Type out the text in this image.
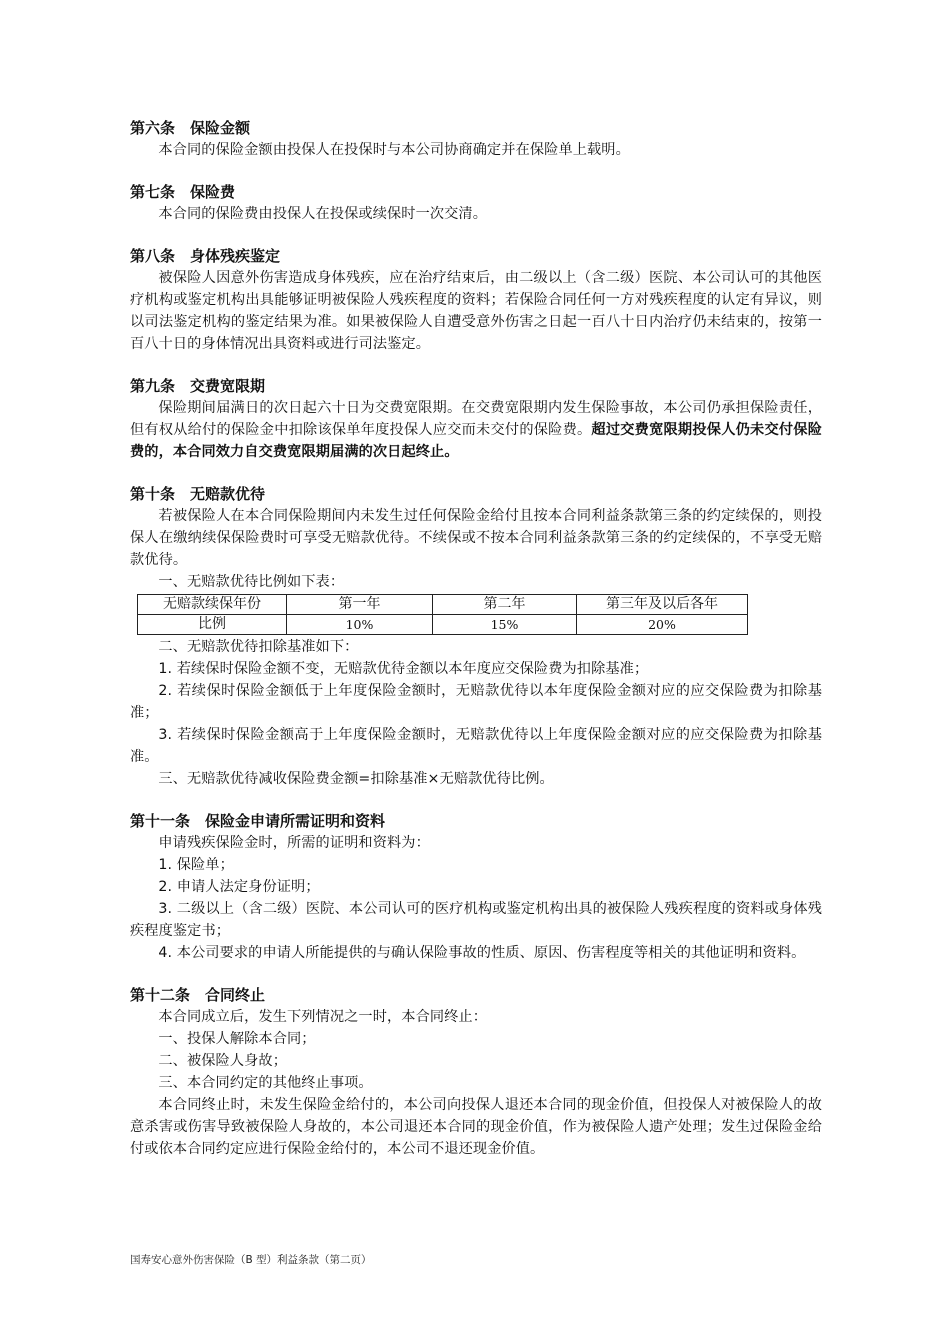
第六条　保险金额

本合同的保险金额由投保人在投保时与本公司协商确定并在保险单上载明。

第七条　保险费

本合同的保险费由投保人在投保或续保时一次交清。

第八条　身体残疾鉴定

被保险人因意外伤害造成身体残疾，应在治疗结束后，由二级以上（含二级）医院、本公司认可的其他医疗机构或鉴定机构出具能够证明被保险人残疾程度的资料；若保险合同任何一方对残疾程度的认定有异议，则以司法鉴定机构的鉴定结果为准。如果被保险人自遭受意外伤害之日起一百八十日内治疗仍未结束的，按第一百八十日的身体情况出具资料或进行司法鉴定。

第九条　交费宽限期

保险期间届满日的次日起六十日为交费宽限期。在交费宽限期内发生保险事故，本公司仍承担保险责任，但有权从给付的保险金中扣除该保单年度投保人应交而未交付的保险费。超过交费宽限期投保人仍未交付保险费的，本合同效力自交费宽限期届满的次日起终止。

第十条　无赔款优待

若被保险人在本合同保险期间内未发生过任何保险金给付且按本合同利益条款第三条的约定续保的，则投保人在缴纳续保保险费时可享受无赔款优待。不续保或不按本合同利益条款第三条的约定续保的，不享受无赔款优待。

一、无赔款优待比例如下表：

无赔款续保年份	第一年	第二年	第三年及以后各年
比例	10%	15%	20%

二、无赔款优待扣除基准如下：

1. 若续保时保险金额不变，无赔款优待金额以本年度应交保险费为扣除基准；

2. 若续保时保险金额低于上年度保险金额时，无赔款优待以本年度保险金额对应的应交保险费为扣除基准；

3. 若续保时保险金额高于上年度保险金额时，无赔款优待以上年度保险金额对应的应交保险费为扣除基准。

三、无赔款优待减收保险费金额=扣除基准×无赔款优待比例。

第十一条　保险金申请所需证明和资料

申请残疾保险金时，所需的证明和资料为：

1. 保险单；

2. 申请人法定身份证明；

3. 二级以上（含二级）医院、本公司认可的医疗机构或鉴定机构出具的被保险人残疾程度的资料或身体残疾程度鉴定书；

4. 本公司要求的申请人所能提供的与确认保险事故的性质、原因、伤害程度等相关的其他证明和资料。

第十二条　合同终止

本合同成立后，发生下列情况之一时，本合同终止：

一、投保人解除本合同；

二、被保险人身故；

三、本合同约定的其他终止事项。

本合同终止时，未发生保险金给付的，本公司向投保人退还本合同的现金价值，但投保人对被保险人的故意杀害或伤害导致被保险人身故的，本公司退还本合同的现金价值，作为被保险人遗产处理；发生过保险金给付或依本合同约定应进行保险金给付的，本公司不退还现金价值。

国寿安心意外伤害保险（B 型）利益条款（第二页）
